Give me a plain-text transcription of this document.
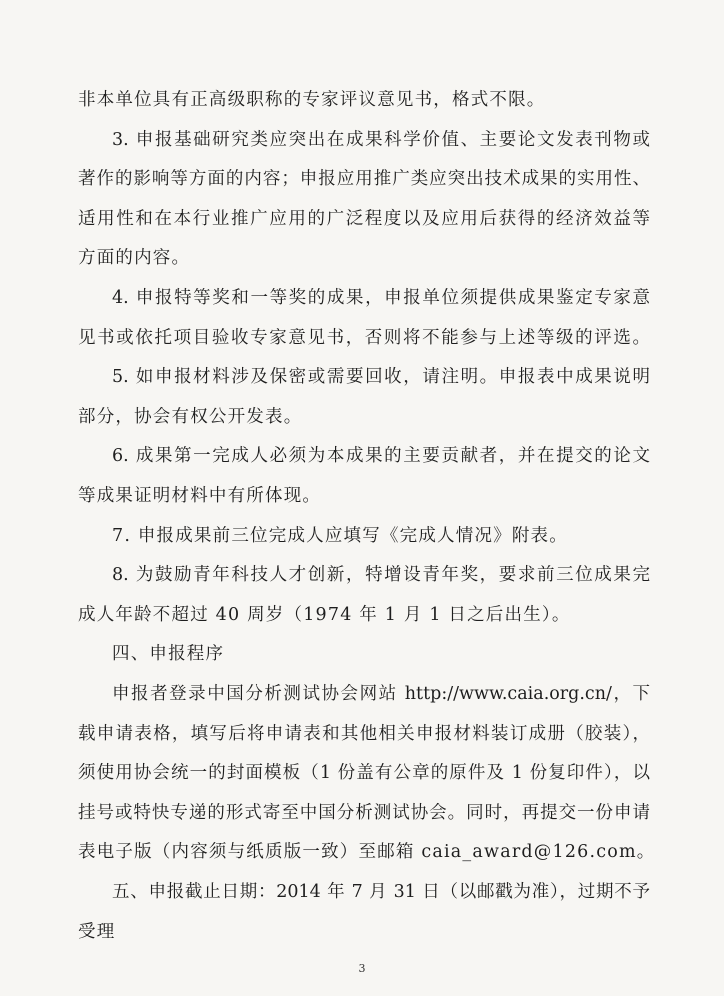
非本单位具有正高级职称的专家评议意见书，格式不限。
3. 申报基础研究类应突出在成果科学价值、主要论文发表刊物或
著作的影响等方面的内容；申报应用推广类应突出技术成果的实用性、
适用性和在本行业推广应用的广泛程度以及应用后获得的经济效益等
方面的内容。
4. 申报特等奖和一等奖的成果，申报单位须提供成果鉴定专家意
见书或依托项目验收专家意见书，否则将不能参与上述等级的评选。
5. 如申报材料涉及保密或需要回收，请注明。申报表中成果说明
部分，协会有权公开发表。
6. 成果第一完成人必须为本成果的主要贡献者，并在提交的论文
等成果证明材料中有所体现。
7. 申报成果前三位完成人应填写《完成人情况》附表。
8. 为鼓励青年科技人才创新，特增设青年奖，要求前三位成果完
成人年龄不超过 40 周岁（1974 年 1 月 1 日之后出生）。
四、申报程序
申报者登录中国分析测试协会网站 http://www.caia.org.cn/，下
载申请表格，填写后将申请表和其他相关申报材料装订成册（胶装），
须使用协会统一的封面模板（1 份盖有公章的原件及 1 份复印件），以
挂号或特快专递的形式寄至中国分析测试协会。同时，再提交一份申请
表电子版（内容须与纸质版一致）至邮箱 caia_award@126.com。
五、申报截止日期：2014 年 7 月 31 日（以邮戳为准），过期不予
受理
3
